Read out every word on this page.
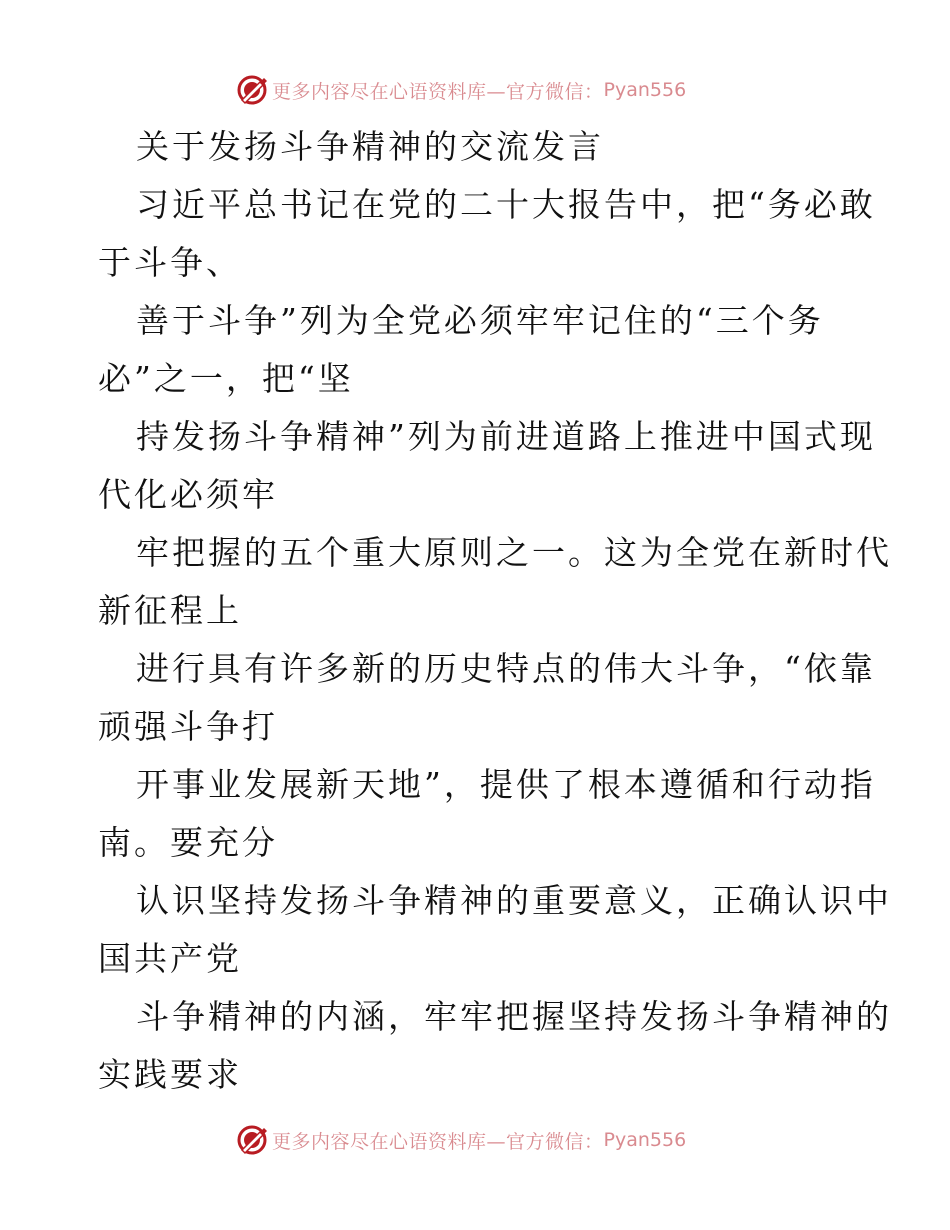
更多内容尽在心语资料库—官方微信： Pyan556
关于发扬斗争精神的交流发言
习近平总书记在党的二十大报告中，把“务必敢
于斗争、
善于斗争”列为全党必须牢牢记住的“三个务
必”之一，把“坚
持发扬斗争精神”列为前进道路上推进中国式现
代化必须牢
牢把握的五个重大原则之一。这为全党在新时代
新征程上
进行具有许多新的历史特点的伟大斗争，“依靠
顽强斗争打
开事业发展新天地”，提供了根本遵循和行动指
南。要充分
认识坚持发扬斗争精神的重要意义，正确认识中
国共产党
斗争精神的内涵，牢牢把握坚持发扬斗争精神的
实践要求
更多内容尽在心语资料库—官方微信： Pyan556
